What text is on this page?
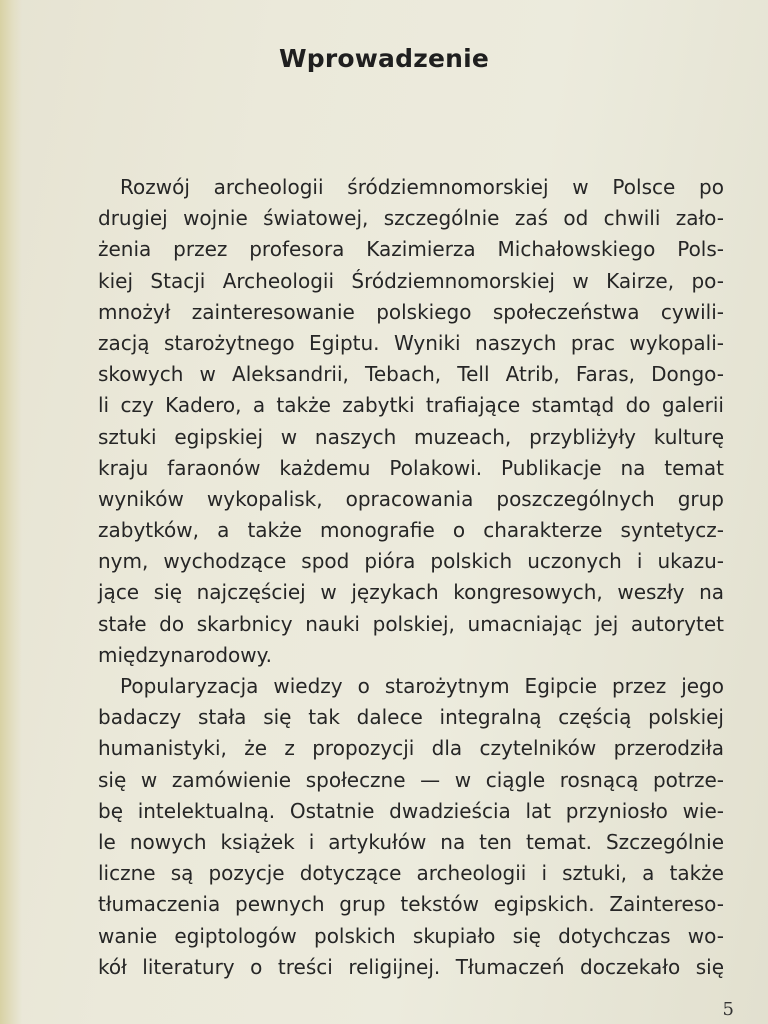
Wprowadzenie
Rozwój archeologii śródziemnomorskiej w Polsce po
drugiej wojnie światowej, szczególnie zaś od chwili zało-
żenia przez profesora Kazimierza Michałowskiego Pols-
kiej Stacji Archeologii Śródziemnomorskiej w Kairze, po-
mnożył zainteresowanie polskiego społeczeństwa cywili-
zacją starożytnego Egiptu. Wyniki naszych prac wykopali-
skowych w Aleksandrii, Tebach, Tell Atrib, Faras, Dongo-
li czy Kadero, a także zabytki trafiające stamtąd do galerii
sztuki egipskiej w naszych muzeach, przybliżyły kulturę
kraju faraonów każdemu Polakowi. Publikacje na temat
wyników wykopalisk, opracowania poszczególnych grup
zabytków, a także monografie o charakterze syntetycz-
nym, wychodzące spod pióra polskich uczonych i ukazu-
jące się najczęściej w językach kongresowych, weszły na
stałe do skarbnicy nauki polskiej, umacniając jej autorytet
międzynarodowy.
Popularyzacja wiedzy o starożytnym Egipcie przez jego
badaczy stała się tak dalece integralną częścią polskiej
humanistyki, że z propozycji dla czytelników przerodziła
się w zamówienie społeczne — w ciągle rosnącą potrze-
bę intelektualną. Ostatnie dwadzieścia lat przyniosło wie-
le nowych książek i artykułów na ten temat. Szczególnie
liczne są pozycje dotyczące archeologii i sztuki, a także
tłumaczenia pewnych grup tekstów egipskich. Zaintereso-
wanie egiptologów polskich skupiało się dotychczas wo-
kół literatury o treści religijnej. Tłumaczeń doczekało się
5
